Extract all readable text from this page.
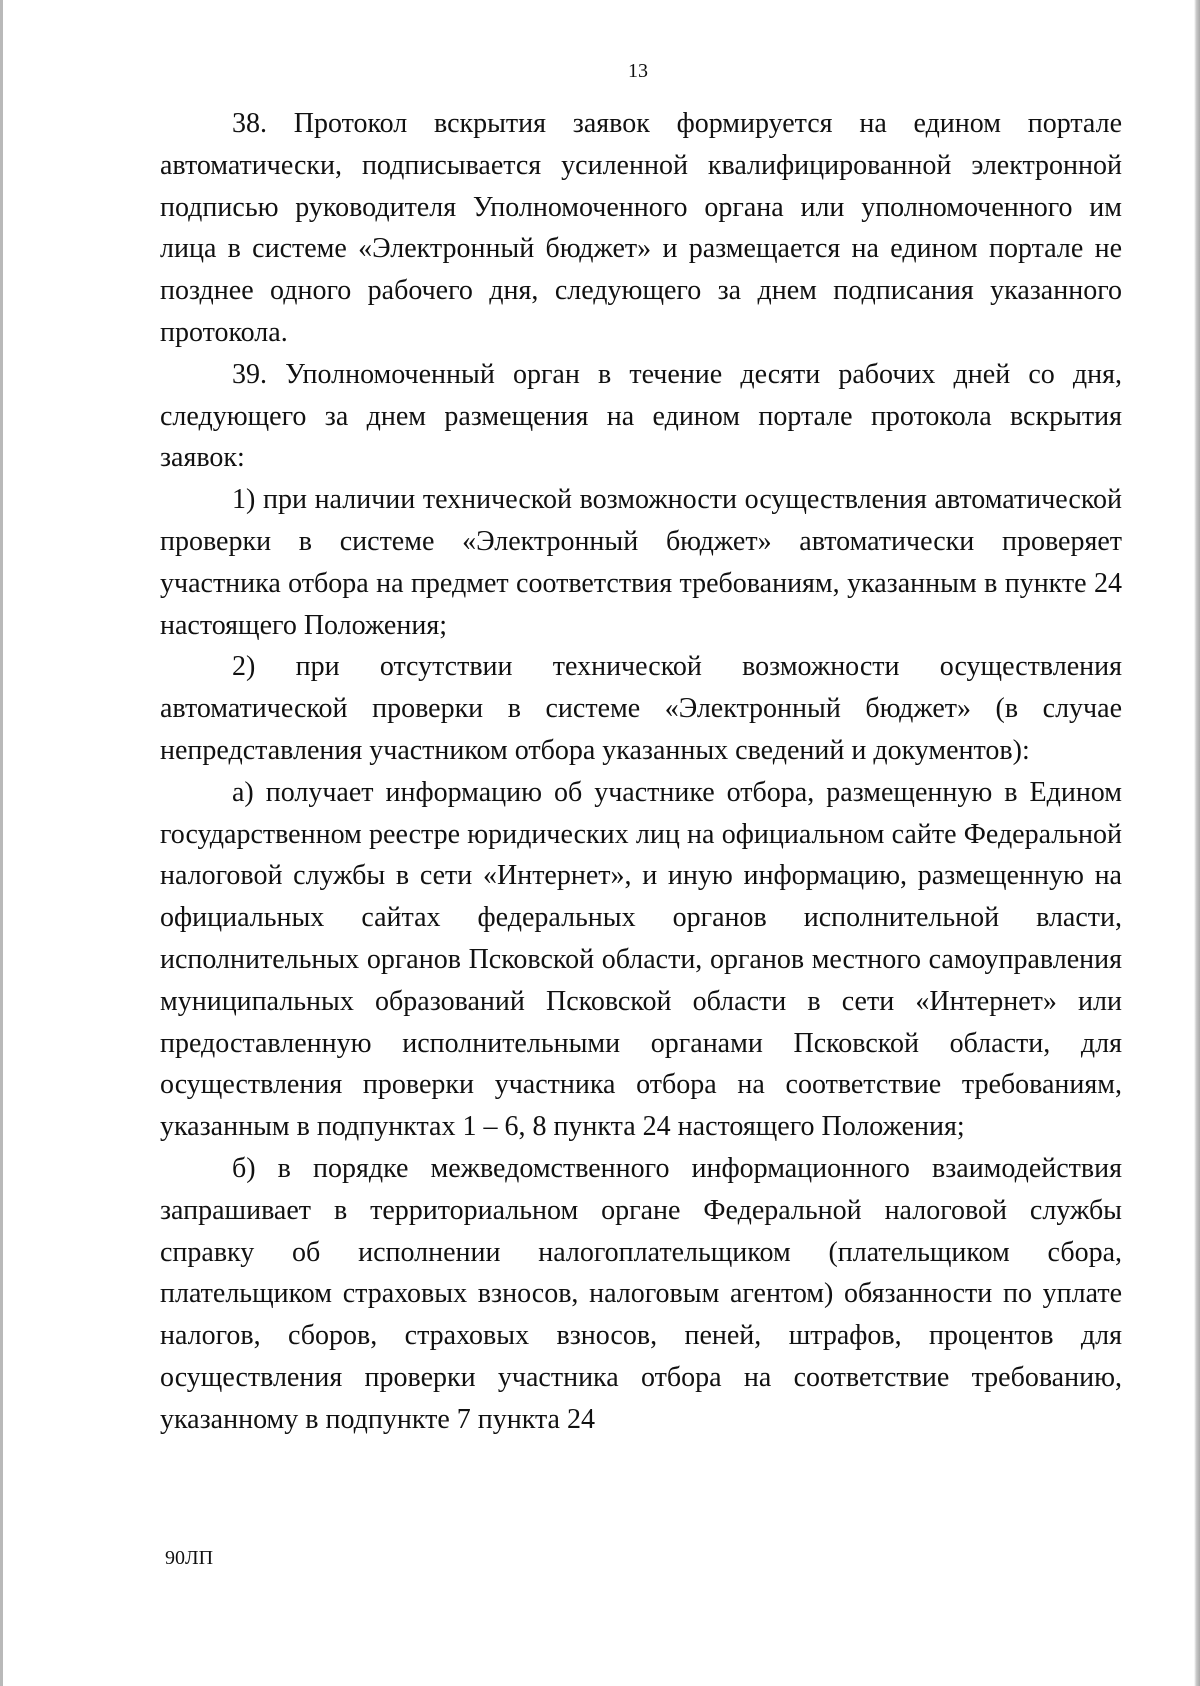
13

38. Протокол вскрытия заявок формируется на едином портале автоматически, подписывается усиленной квалифицированной электронной подписью руководителя Уполномоченного органа или уполномоченного им лица в системе «Электронный бюджет» и размещается на едином портале не позднее одного рабочего дня, следующего за днем подписания указанного протокола.

39. Уполномоченный орган в течение десяти рабочих дней со дня, следующего за днем размещения на едином портале протокола вскрытия заявок:

1) при наличии технической возможности осуществления автоматической проверки в системе «Электронный бюджет» автоматически проверяет участника отбора на предмет соответствия требованиям, указанным в пункте 24 настоящего Положения;

2) при отсутствии технической возможности осуществления автоматической проверки в системе «Электронный бюджет» (в случае непредставления участником отбора указанных сведений и документов):

а) получает информацию об участнике отбора, размещенную в Едином государственном реестре юридических лиц на официальном сайте Федеральной налоговой службы в сети «Интернет», и иную информацию, размещенную на официальных сайтах федеральных органов исполнительной власти, исполнительных органов Псковской области, органов местного самоуправления муниципальных образований Псковской области в сети «Интернет» или предоставленную исполнительными органами Псковской области, для осуществления проверки участника отбора на соответствие требованиям, указанным в подпунктах 1 – 6, 8 пункта 24 настоящего Положения;

б) в порядке межведомственного информационного взаимодействия запрашивает в территориальном органе Федеральной налоговой службы справку об исполнении налогоплательщиком (плательщиком сбора, плательщиком страховых взносов, налоговым агентом) обязанности по уплате налогов, сборов, страховых взносов, пеней, штрафов, процентов для осуществления проверки участника отбора на соответствие требованию, указанному в подпункте 7 пункта 24

90ЛП
